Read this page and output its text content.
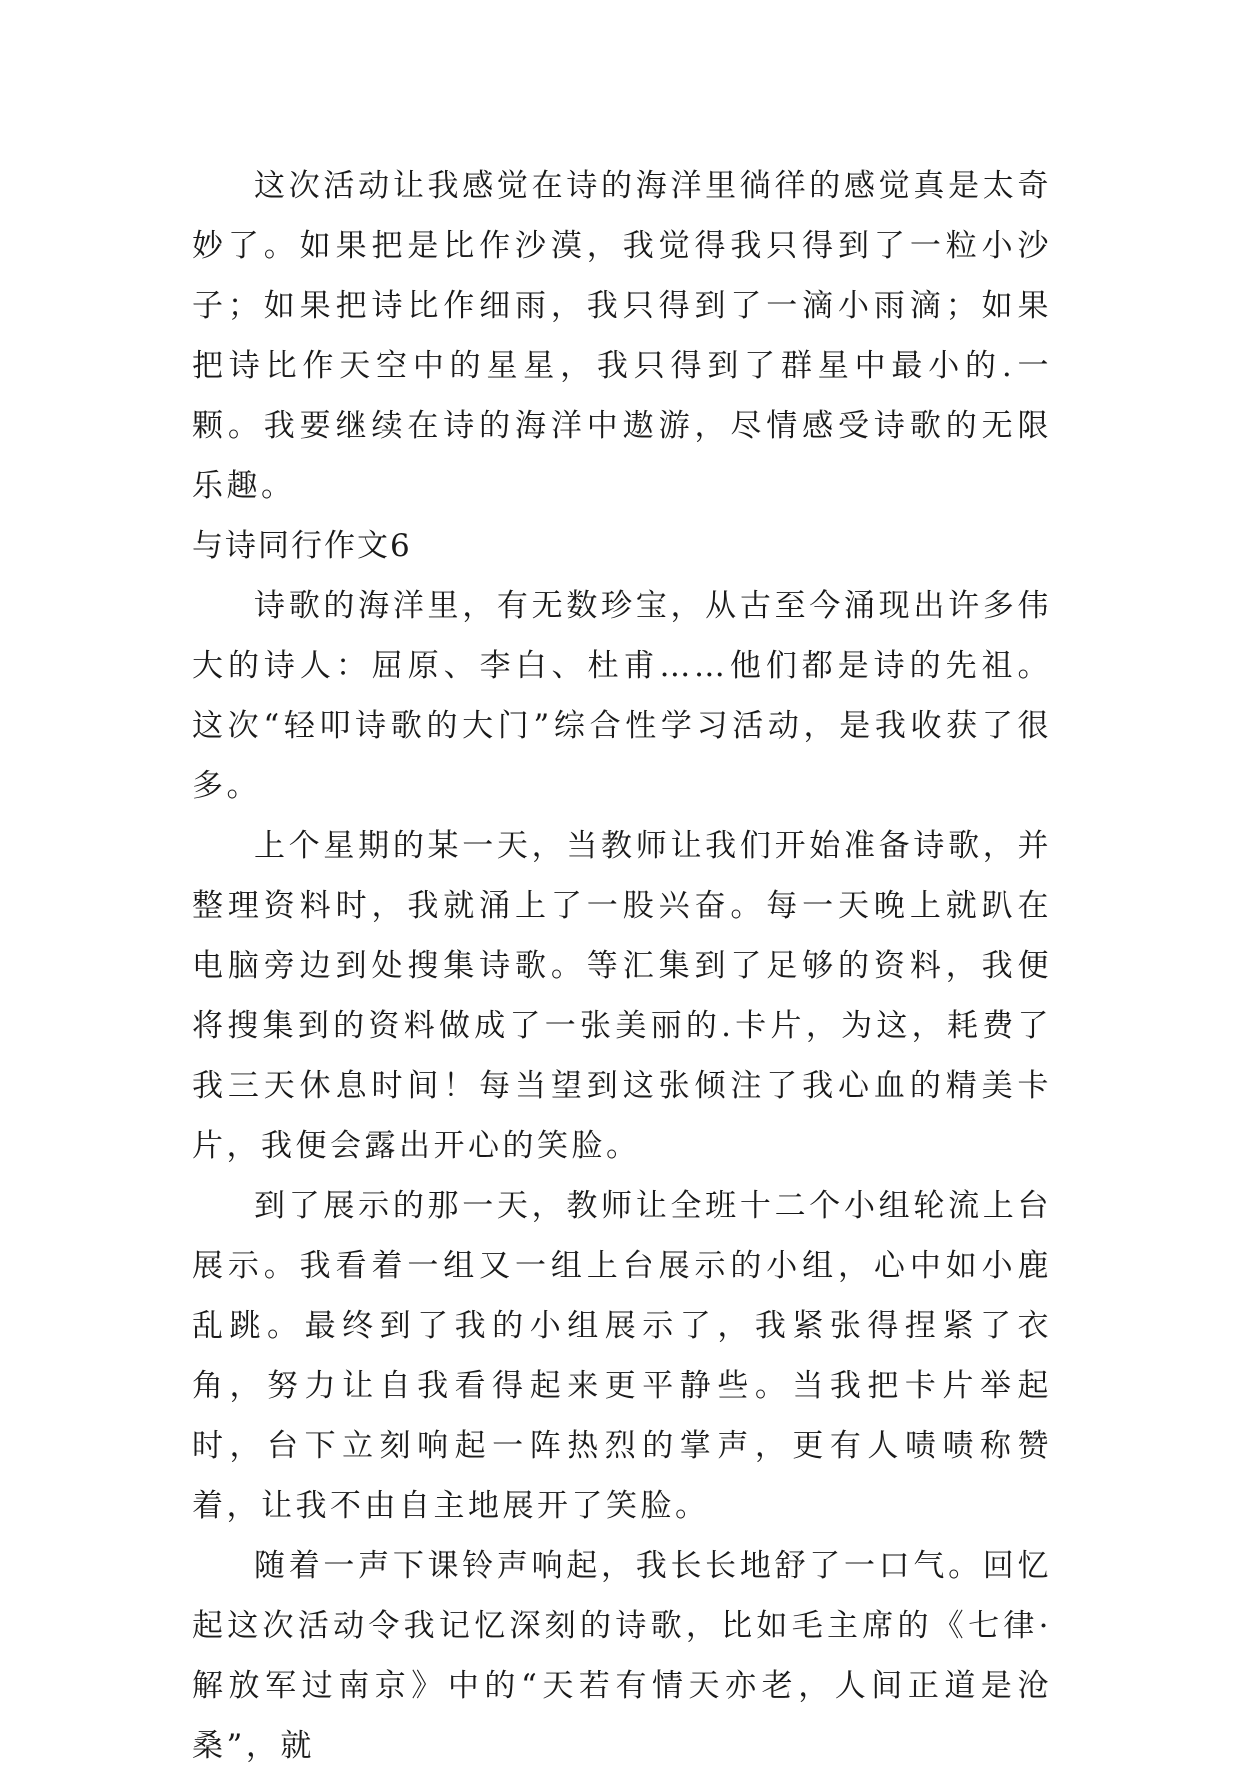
这次活动让我感觉在诗的海洋里徜徉的感觉真是太奇妙了。如果把是比作沙漠，我觉得我只得到了一粒小沙子；如果把诗比作细雨，我只得到了一滴小雨滴；如果把诗比作天空中的星星，我只得到了群星中最小的.一颗。我要继续在诗的海洋中遨游，尽情感受诗歌的无限乐趣。

与诗同行作文6

诗歌的海洋里，有无数珍宝，从古至今涌现出许多伟大的诗人：屈原、李白、杜甫……他们都是诗的先祖。这次“轻叩诗歌的大门”综合性学习活动，是我收获了很多。

上个星期的某一天，当教师让我们开始准备诗歌，并整理资料时，我就涌上了一股兴奋。每一天晚上就趴在电脑旁边到处搜集诗歌。等汇集到了足够的资料，我便将搜集到的资料做成了一张美丽的.卡片，为这，耗费了我三天休息时间！每当望到这张倾注了我心血的精美卡片，我便会露出开心的笑脸。

到了展示的那一天，教师让全班十二个小组轮流上台展示。我看着一组又一组上台展示的小组，心中如小鹿乱跳。最终到了我的小组展示了，我紧张得捏紧了衣角，努力让自我看得起来更平静些。当我把卡片举起时，台下立刻响起一阵热烈的掌声，更有人啧啧称赞着，让我不由自主地展开了笑脸。

随着一声下课铃声响起，我长长地舒了一口气。回忆起这次活动令我记忆深刻的诗歌，比如毛主席的《七律·解放军过南京》中的“天若有情天亦老，人间正道是沧桑”，就
